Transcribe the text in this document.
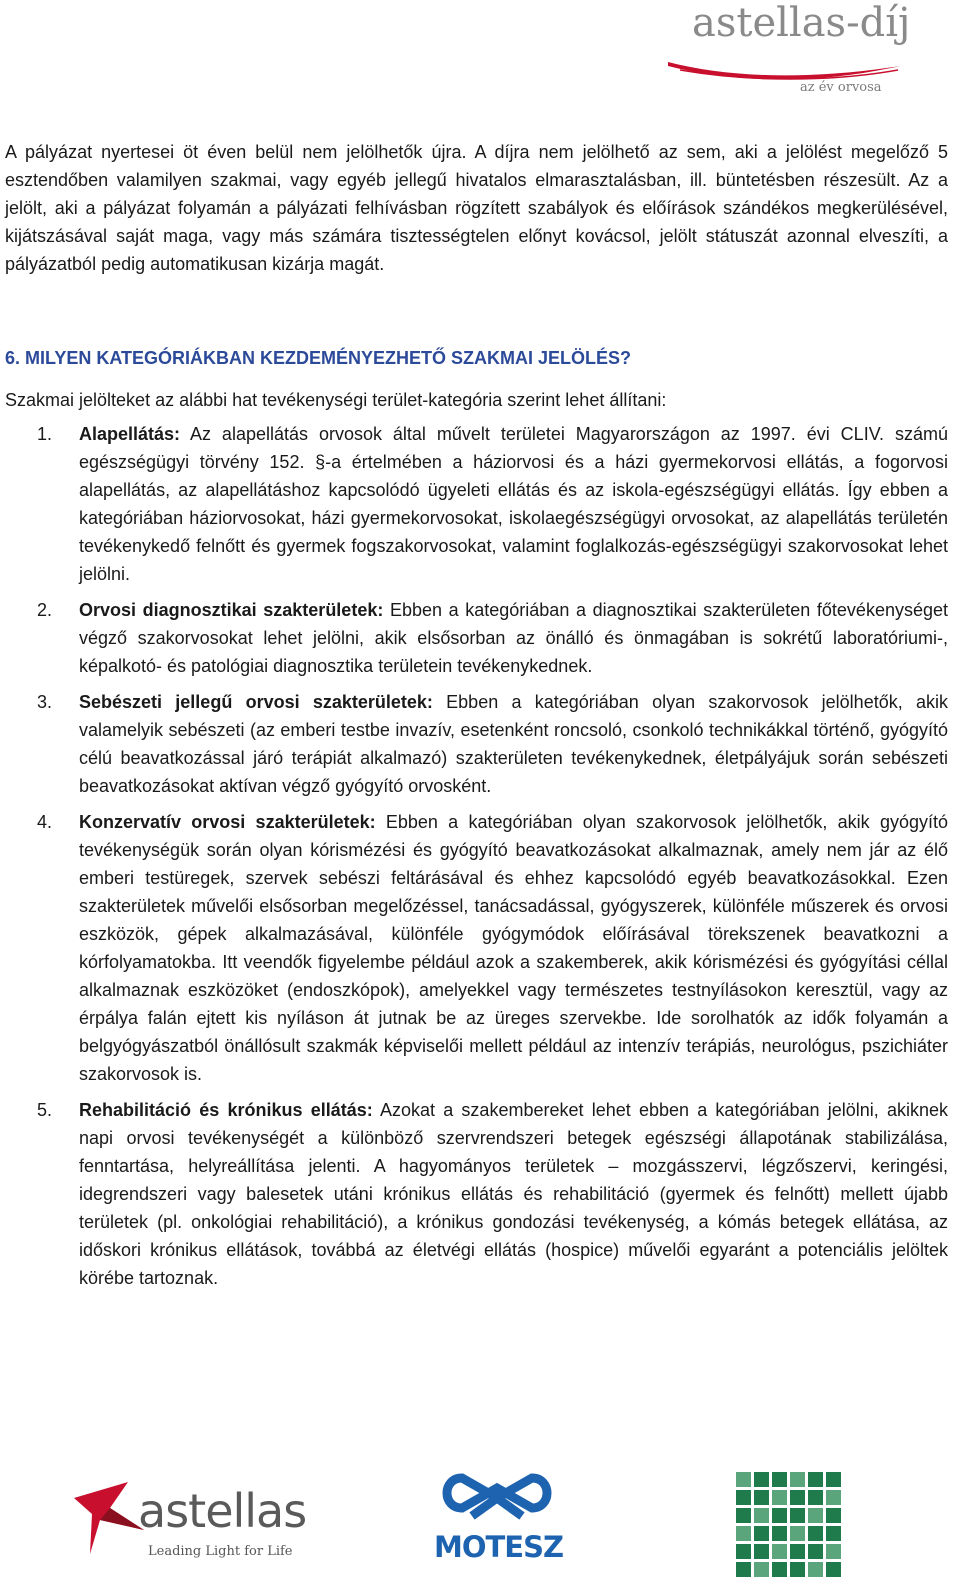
astellas-díj
az év orvosa

A pályázat nyertesei öt éven belül nem jelölhetők újra. A díjra nem jelölhető az sem, aki a jelölést megelőző 5 esztendőben valamilyen szakmai, vagy egyéb jellegű hivatalos elmarasztalásban, ill. büntetésben részesült. Az a jelölt, aki a pályázat folyamán a pályázati felhívásban rögzített szabályok és előírások szándékos megkerülésével, kijátszásával saját maga, vagy más számára tisztességtelen előnyt kovácsol, jelölt státuszát azonnal elveszíti, a pályázatból pedig automatikusan kizárja magát.

6. MILYEN KATEGÓRIÁKBAN KEZDEMÉNYEZHETŐ SZAKMAI JELÖLÉS?
Szakmai jelölteket az alábbi hat tevékenységi terület-kategória szerint lehet állítani:
1.	Alapellátás: Az alapellátás orvosok által művelt területei Magyarországon az 1997. évi CLIV. számú egészségügyi törvény 152. §-a értelmében a háziorvosi és a házi gyermekorvosi ellátás, a fogorvosi alapellátás, az alapellátáshoz kapcsolódó ügyeleti ellátás és az iskola-egészségügyi ellátás. Így ebben a kategóriában háziorvosokat, házi gyermekorvosokat, iskolaegészségügyi orvosokat, az alapellátás területén tevékenykedő felnőtt és gyermek fogszakorvosokat, valamint foglalkozás-egészségügyi szakorvosokat lehet jelölni.
2.	Orvosi diagnosztikai szakterületek: Ebben a kategóriában a diagnosztikai szakterületen főtevékenységet végző szakorvosokat lehet jelölni, akik elsősorban az önálló és önmagában is sokrétű laboratóriumi-, képalkotó- és patológiai diagnosztika területein tevékenykednek.
3.	Sebészeti jellegű orvosi szakterületek: Ebben a kategóriában olyan szakorvosok jelölhetők, akik valamelyik sebészeti (az emberi testbe invazív, esetenként roncsoló, csonkoló technikákkal történő, gyógyító célú beavatkozással járó terápiát alkalmazó) szakterületen tevékenykednek, életpályájuk során sebészeti beavatkozásokat aktívan végző gyógyító orvosként.
4.	Konzervatív orvosi szakterületek: Ebben a kategóriában olyan szakorvosok jelölhetők, akik gyógyító tevékenységük során olyan kórismézési és gyógyító beavatkozásokat alkalmaznak, amely nem jár az élő emberi testüregek, szervek sebészi feltárásával és ehhez kapcsolódó egyéb beavatkozásokkal. Ezen szakterületek művelői elsősorban megelőzéssel, tanácsadással, gyógyszerek, különféle műszerek és orvosi eszközök, gépek alkalmazásával, különféle gyógymódok előírásával törekszenek beavatkozni a kórfolyamatokba. Itt veendők figyelembe például azok a szakemberek, akik kórismézési és gyógyítási céllal alkalmaznak eszközöket (endoszkópok), amelyekkel vagy természetes testnyílásokon keresztül, vagy az érpálya falán ejtett kis nyíláson át jutnak be az üreges szervekbe. Ide sorolhatók az idők folyamán a belgyógyászatból önállósult szakmák képviselői mellett például az intenzív terápiás, neurológus, pszichiáter szakorvosok is.
5.	Rehabilitáció és krónikus ellátás: Azokat a szakembereket lehet ebben a kategóriában jelölni, akiknek napi orvosi tevékenységét a különböző szervrendszeri betegek egészségi állapotának stabilizálása, fenntartása, helyreállítása jelenti. A hagyományos területek – mozgásszervi, légzőszervi, keringési, idegrendszeri vagy balesetek utáni krónikus ellátás és rehabilitáció (gyermek és felnőtt) mellett újabb területek (pl. onkológiai rehabilitáció), a krónikus gondozási tevékenység, a kómás betegek ellátása, az időskori krónikus ellátások, továbbá az életvégi ellátás (hospice) művelői egyaránt a potenciális jelöltek körébe tartoznak.
astellas
Leading Light for Life	MOTESZ
